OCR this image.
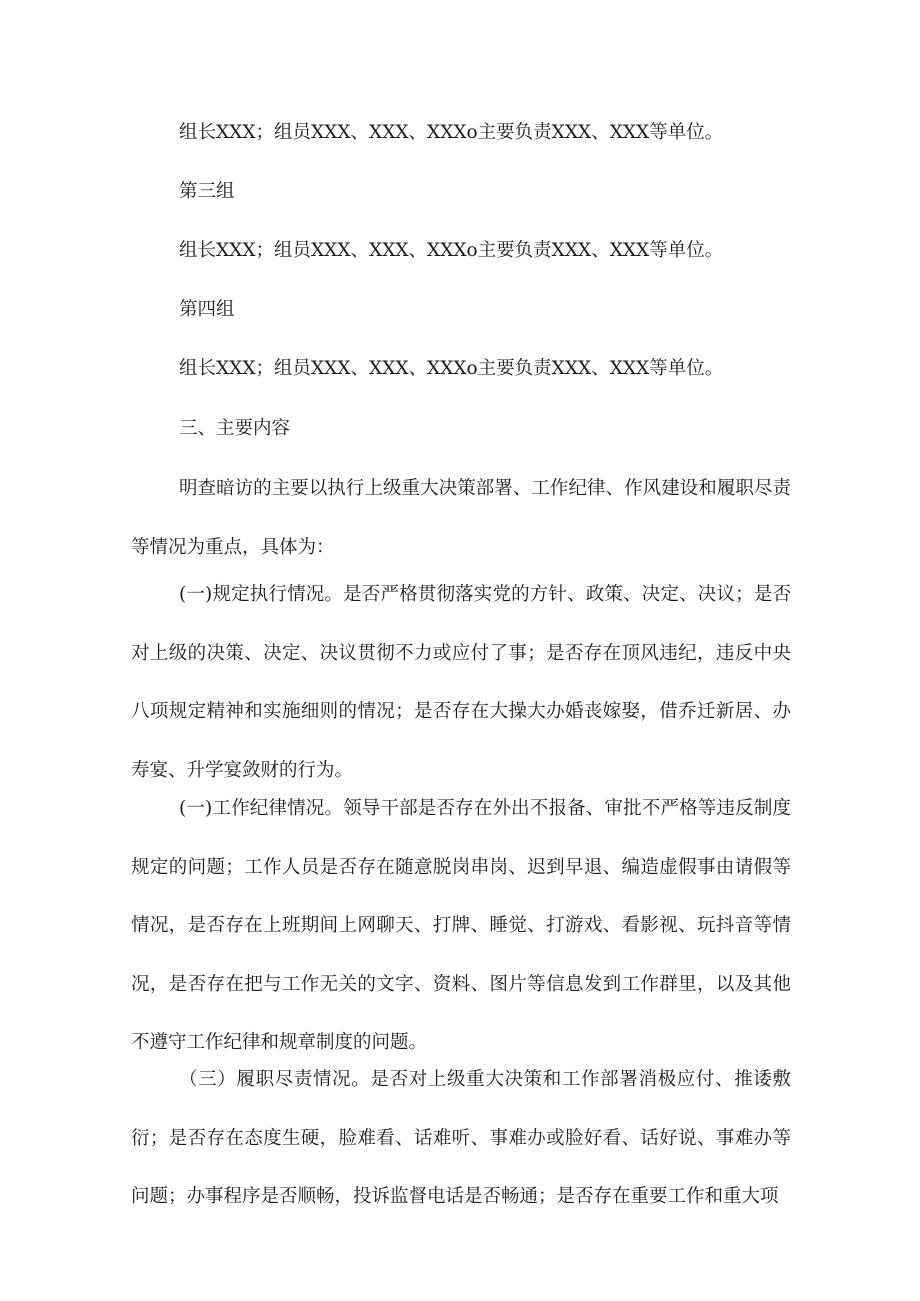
组长XXX；组员XXX、XXX、XXXo主要负责XXX、XXX等单位。
第三组
组长XXX；组员XXX、XXX、XXXo主要负责XXX、XXX等单位。
第四组
组长XXX；组员XXX、XXX、XXXo主要负责XXX、XXX等单位。
三、主要内容
明查暗访的主要以执行上级重大决策部署、工作纪律、作风建设和履职尽责等情况为重点，具体为：
(一)规定执行情况。是否严格贯彻落实党的方针、政策、决定、决议；是否对上级的决策、决定、决议贯彻不力或应付了事；是否存在顶风违纪，违反中央八项规定精神和实施细则的情况；是否存在大操大办婚丧嫁娶，借乔迁新居、办寿宴、升学宴敛财的行为。
(一)工作纪律情况。领导干部是否存在外出不报备、审批不严格等违反制度规定的问题；工作人员是否存在随意脱岗串岗、迟到早退、编造虚假事由请假等情况，是否存在上班期间上网聊天、打牌、睡觉、打游戏、看影视、玩抖音等情况，是否存在把与工作无关的文字、资料、图片等信息发到工作群里，以及其他不遵守工作纪律和规章制度的问题。
（三）履职尽责情况。是否对上级重大决策和工作部署消极应付、推诿敷衍；是否存在态度生硬，脸难看、话难听、事难办或脸好看、话好说、事难办等问题；办事程序是否顺畅，投诉监督电话是否畅通；是否存在重要工作和重大项
